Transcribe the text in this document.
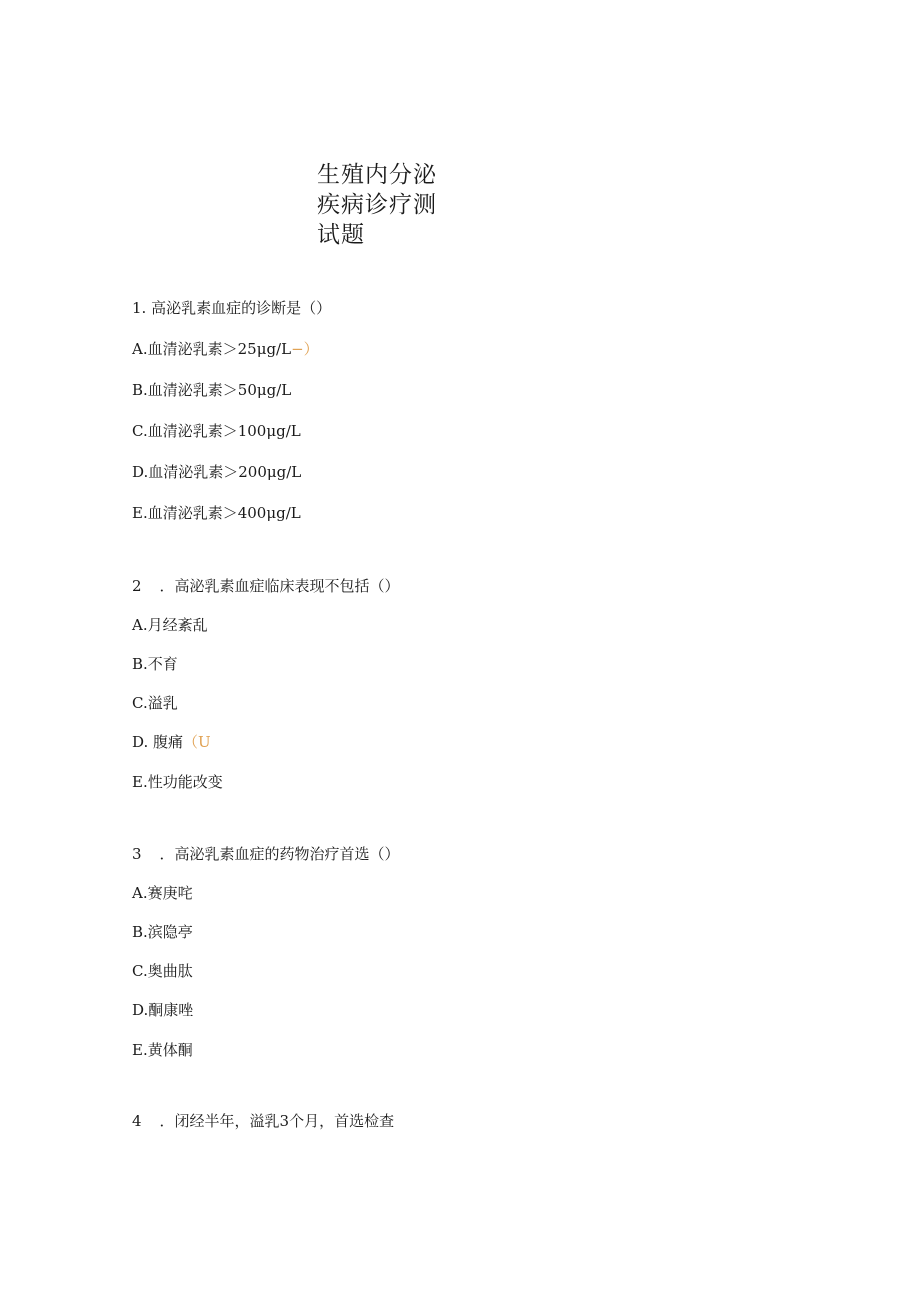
生殖内分泌
疾病诊疗测
试题

1. 高泌乳素血症的诊断是（）

A.血清泌乳素＞25μg∕L−）

B.血清泌乳素＞50μg∕L

C.血清泌乳素＞100μg∕L

D.血清泌乳素＞200μg∕L

E.血清泌乳素＞400μg∕L

2 ．高泌乳素血症临床表现不包括（）

A.月经紊乱

B.不育

C.溢乳

D. 腹痛（U

E.性功能改变

3 ．高泌乳素血症的药物治疗首选（）

A.赛庚咤

B.滨隐亭

C.奥曲肽

D.酮康唑

E.黄体酮

4 ．闭经半年，溢乳3个月，首选检查
